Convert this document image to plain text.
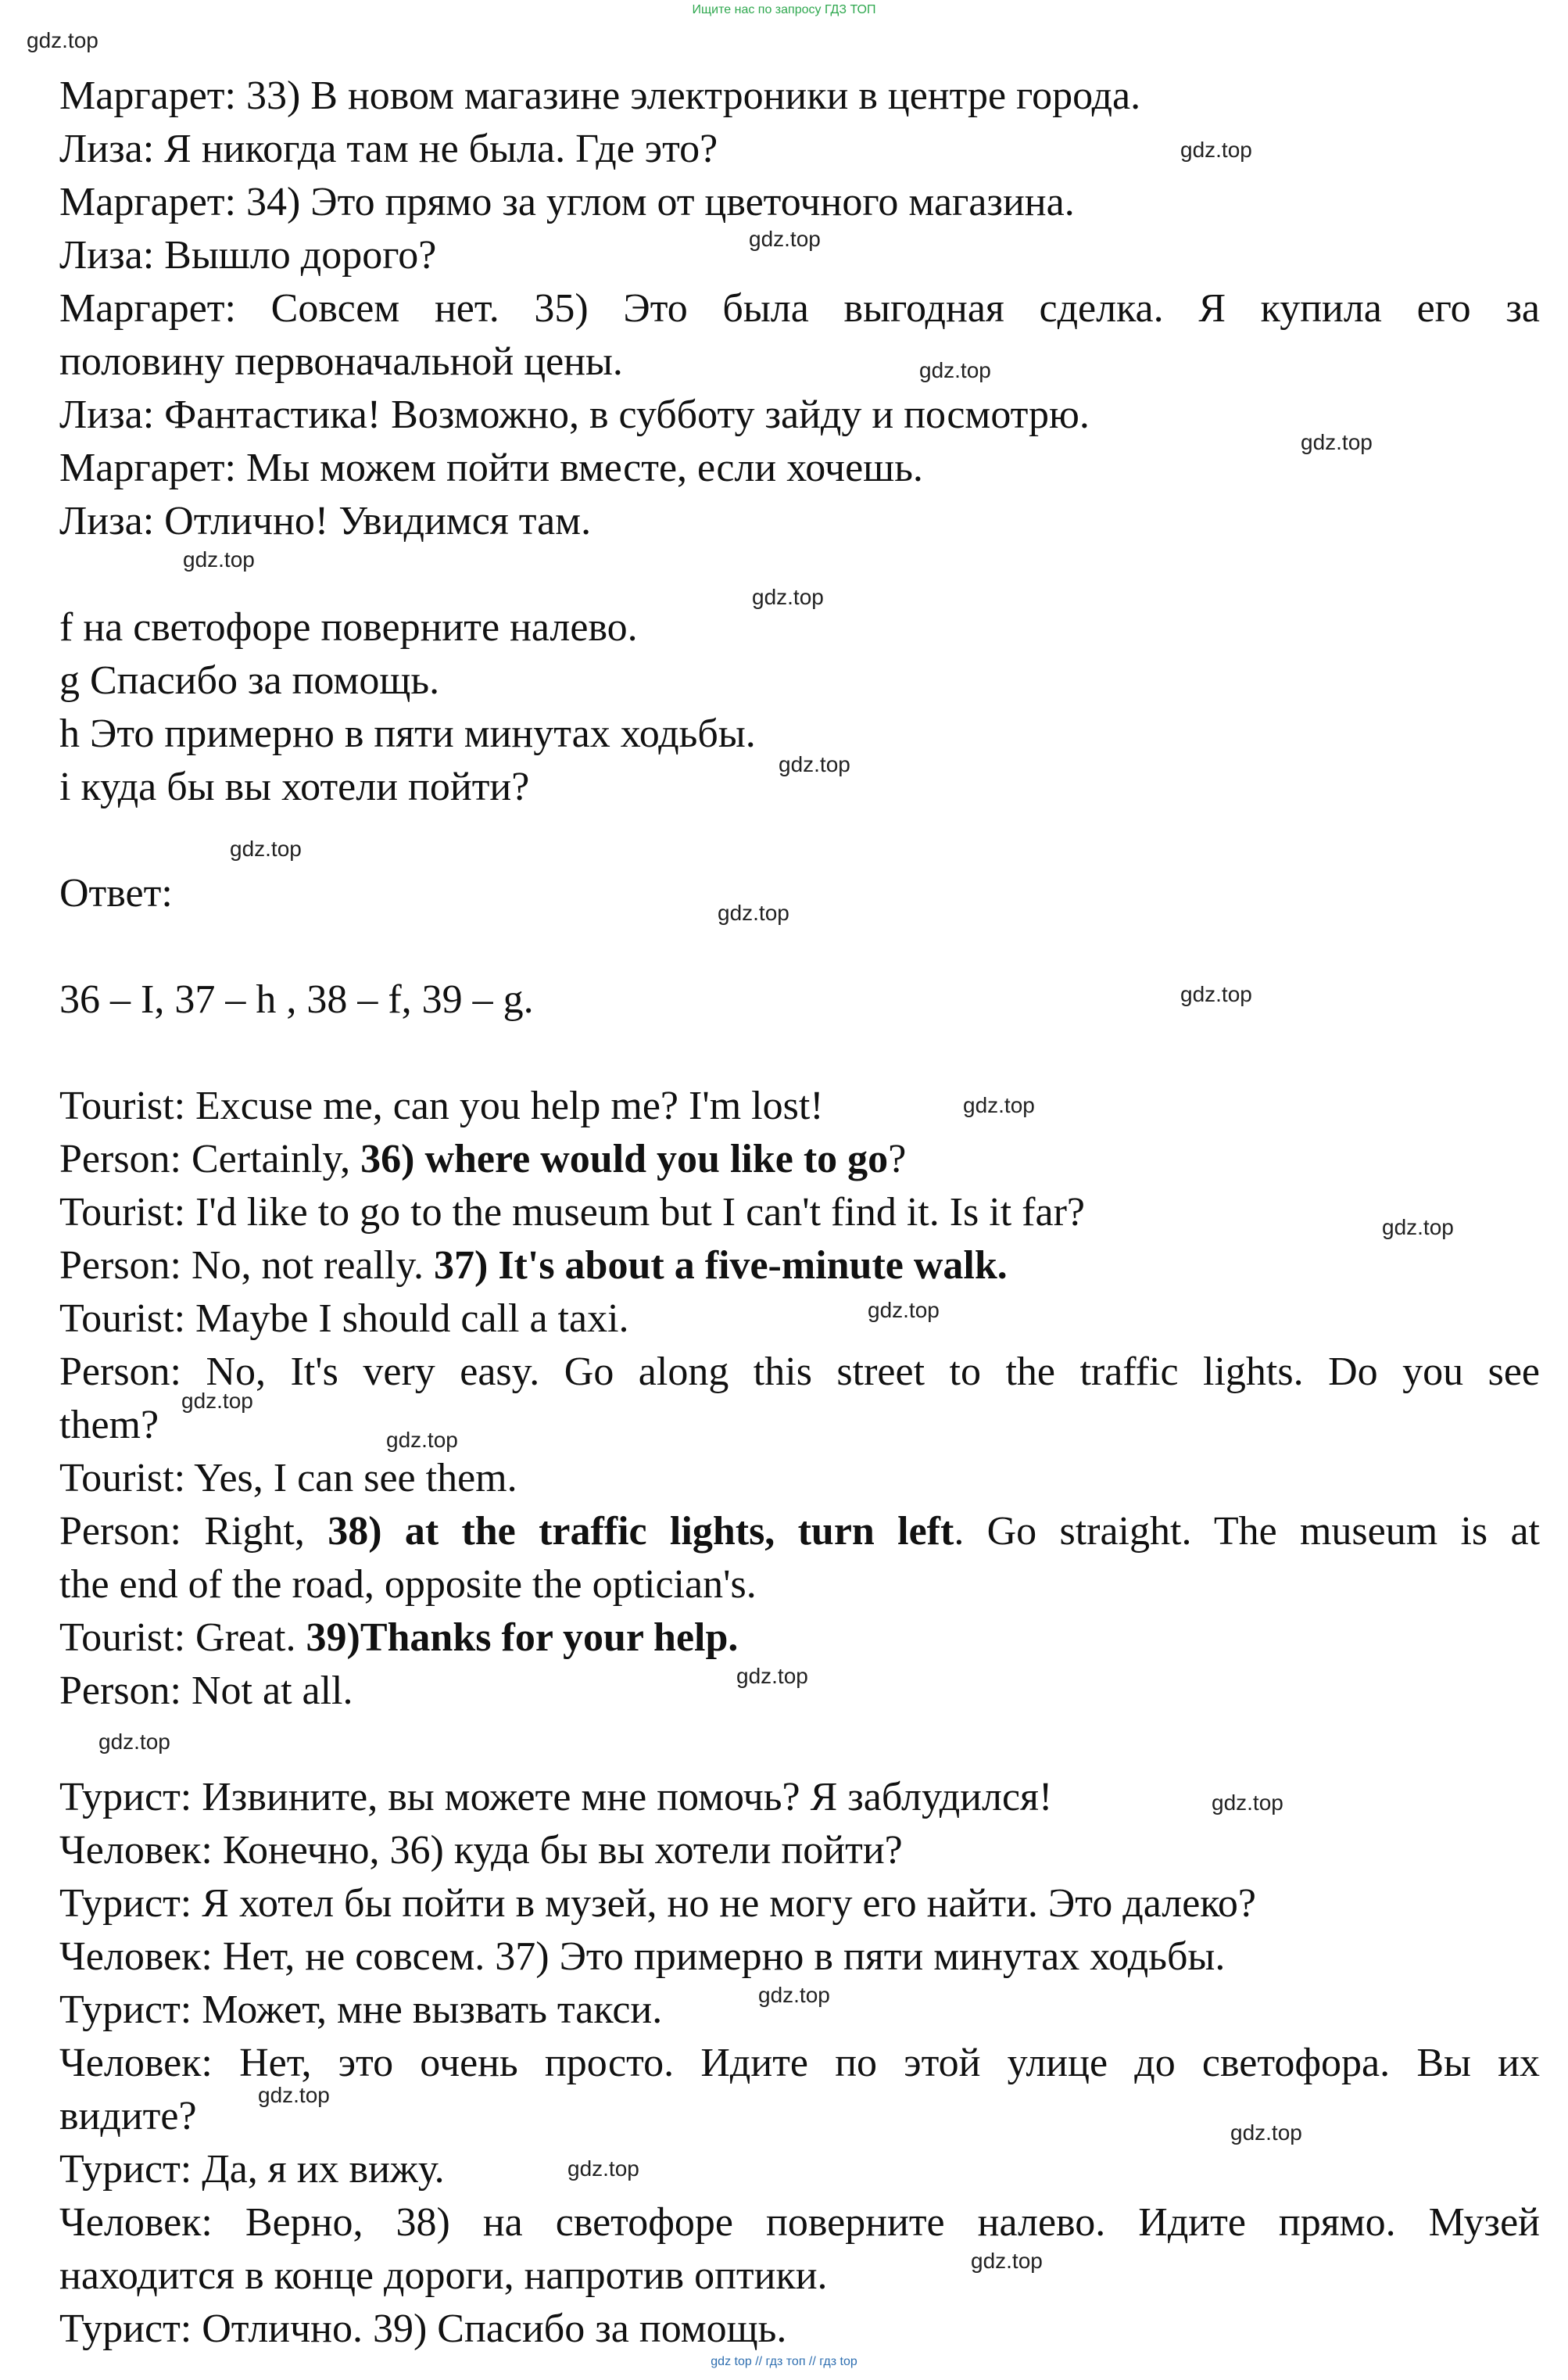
Ищите нас по запросу ГДЗ ТОП
Маргарет: 33) В новом магазине электроники в центре города.
Лиза: Я никогда там не была. Где это?
Маргарет: 34) Это прямо за углом от цветочного магазина.
Лиза: Вышло дорого?
Маргарет: Совсем нет. 35) Это была выгодная сделка. Я купила его за
половину первоначальной цены.
Лиза: Фантастика! Возможно, в субботу зайду и посмотрю.
Маргарет: Мы можем пойти вместе, если хочешь.
Лиза: Отлично! Увидимся там.
f на светофоре поверните налево.
g Спасибо за помощь.
h Это примерно в пяти минутах ходьбы.
i куда бы вы хотели пойти?
Ответ:
36 – I, 37 – h , 38 – f, 39 – g.
Tourist: Excuse me, can you help me? I'm lost!
Person: Certainly, 36) where would you like to go?
Tourist: I'd like to go to the museum but I can't find it. Is it far?
Person: No, not really. 37) It's about a five-minute walk.
Tourist: Maybe I should call a taxi.
Person: No, It's very easy. Go along this street to the traffic lights. Do you see
them?
Tourist: Yes, I can see them.
Person: Right, 38) at the traffic lights, turn left. Go straight. The museum is at
the end of the road, opposite the optician's.
Tourist: Great. 39)Thanks for your help.
Person: Not at all.
Турист: Извините, вы можете мне помочь? Я заблудился!
Человек: Конечно, 36) куда бы вы хотели пойти?
Турист: Я хотел бы пойти в музей, но не могу его найти. Это далеко?
Человек: Нет, не совсем. 37) Это примерно в пяти минутах ходьбы.
Турист: Может, мне вызвать такси.
Человек: Нет, это очень просто. Идите по этой улице до светофора. Вы их
видите?
Турист: Да, я их вижу.
Человек: Верно, 38) на светофоре поверните налево. Идите прямо. Музей
находится в конце дороги, напротив оптики.
Турист: Отлично. 39) Спасибо за помощь.
gdz.top
gdz.top
gdz.top
gdz.top
gdz.top
gdz.top
gdz.top
gdz.top
gdz.top
gdz.top
gdz.top
gdz.top
gdz.top
gdz.top
gdz.top
gdz.top
gdz.top
gdz.top
gdz.top
gdz.top
gdz.top
gdz.top
gdz.top
gdz.top
gdz top // гдз топ // гдз top
